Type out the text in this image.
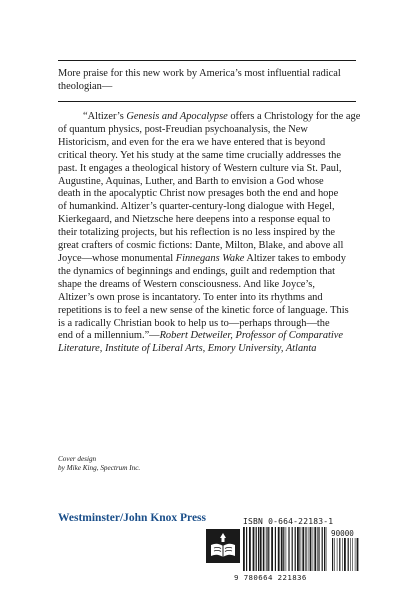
More praise for this new work by America’s most influential radical theologian—
“Altizer’s Genesis and Apocalypse offers a Christology for the age
of quantum physics, post-Freudian psychoanalysis, the New
Historicism, and even for the era we have entered that is beyond
critical theory. Yet his study at the same time crucially addresses the
past. It engages a theological history of Western culture via St. Paul,
Augustine, Aquinas, Luther, and Barth to envision a God whose
death in the apocalyptic Christ now presages both the end and hope
of humankind. Altizer’s quarter-century-long dialogue with Hegel,
Kierkegaard, and Nietzsche here deepens into a response equal to
their totalizing projects, but his reflection is no less inspired by the
great crafters of cosmic fictions: Dante, Milton, Blake, and above all
Joyce—whose monumental Finnegans Wake Altizer takes to embody
the dynamics of beginnings and endings, guilt and redemption that
shape the dreams of Western consciousness. And like Joyce’s,
Altizer’s own prose is incantatory. To enter into its rhythms and
repetitions is to feel a new sense of the kinetic force of language. This
is a radically Christian book to help us to—perhaps through—the
end of a millennium.”—Robert Detweiler, Professor of Comparative
Literature, Institute of Liberal Arts, Emory University, Atlanta
Cover design
by Mike King, Spectrum Inc.
Westminster/John Knox Press	ISBN 0-664-22183-1
90000
9 780664 221836
